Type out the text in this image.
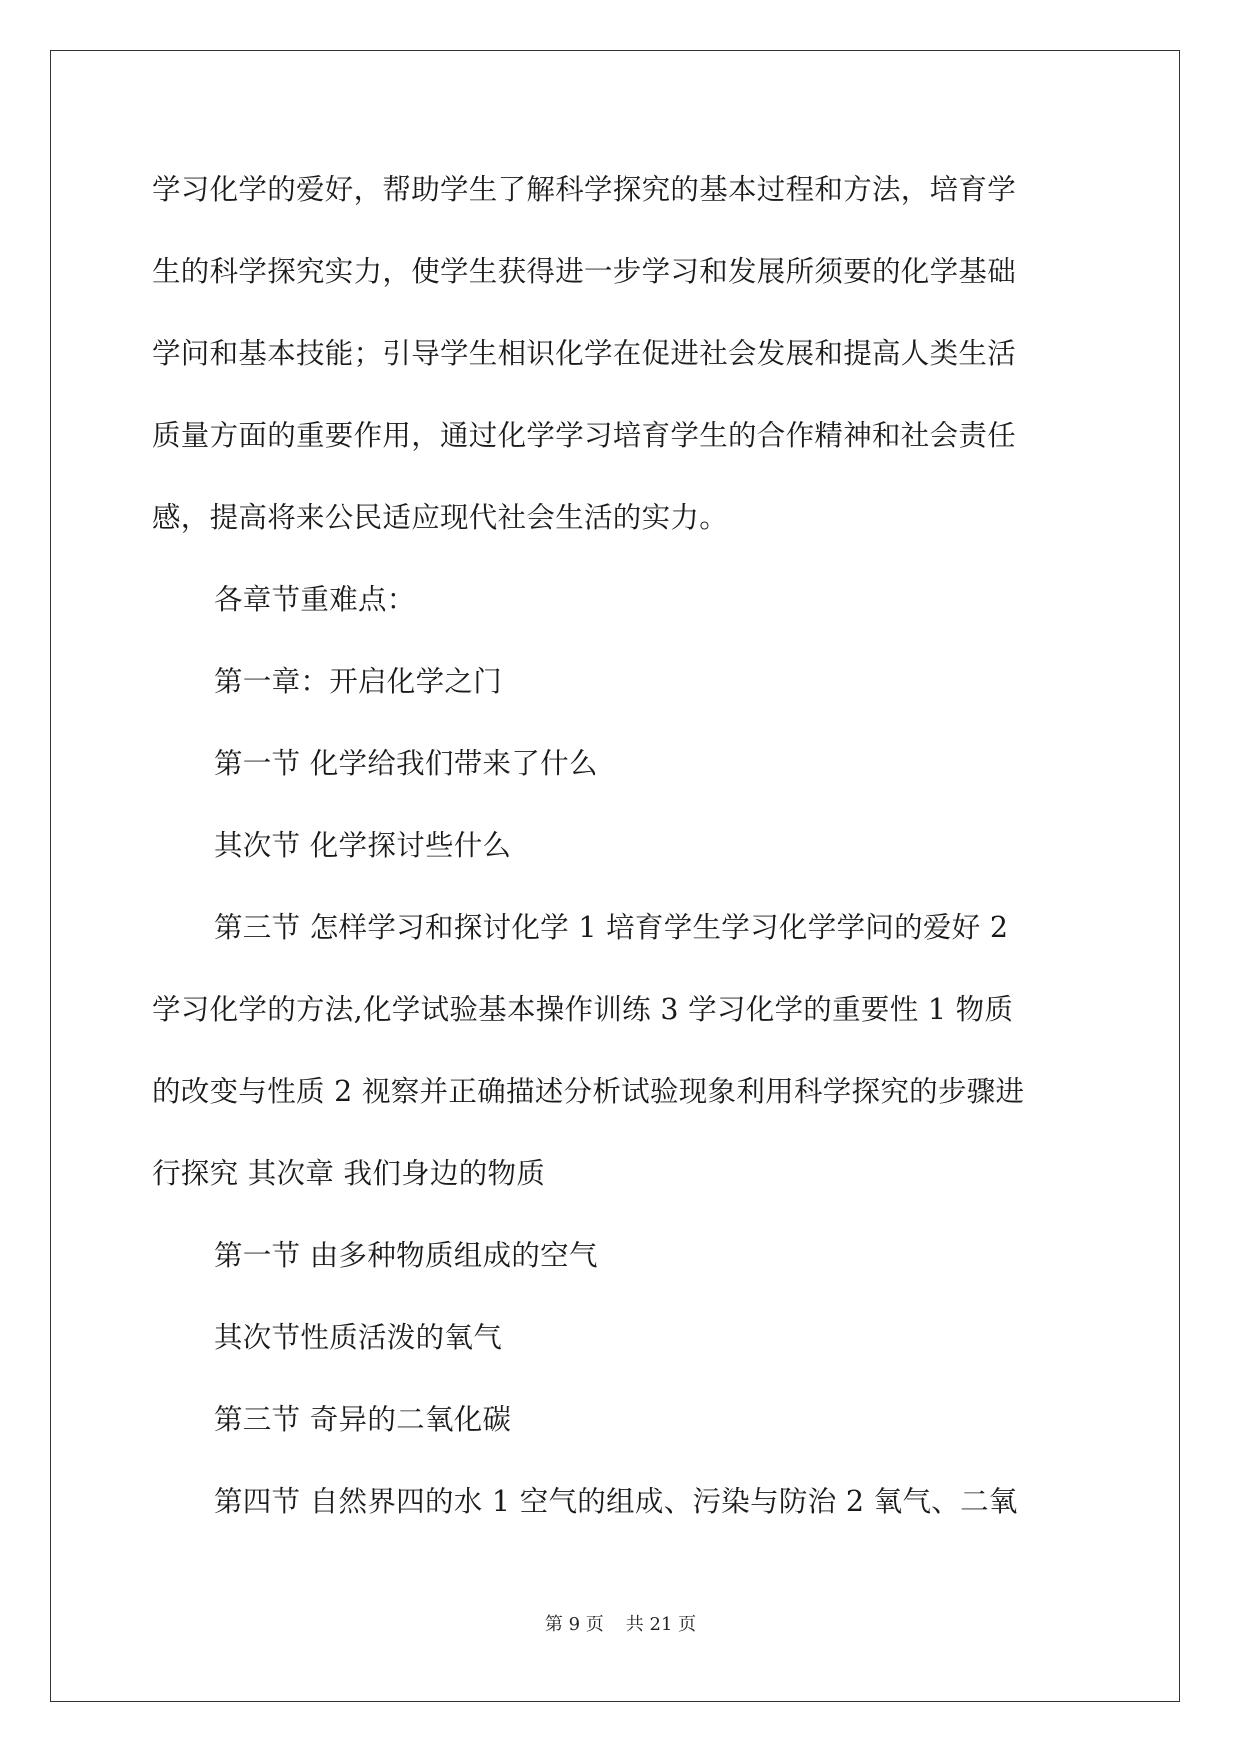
学习化学的爱好，帮助学生了解科学探究的基本过程和方法，培育学
生的科学探究实力，使学生获得进一步学习和发展所须要的化学基础
学问和基本技能；引导学生相识化学在促进社会发展和提高人类生活
质量方面的重要作用，通过化学学习培育学生的合作精神和社会责任
感，提高将来公民适应现代社会生活的实力。
各章节重难点：
第一章：开启化学之门
第一节 化学给我们带来了什么
其次节 化学探讨些什么
第三节 怎样学习和探讨化学 1 培育学生学习化学学问的爱好 2
学习化学的方法,化学试验基本操作训练 3 学习化学的重要性 1 物质
的改变与性质 2 视察并正确描述分析试验现象利用科学探究的步骤进
行探究 其次章 我们身边的物质
第一节 由多种物质组成的空气
其次节性质活泼的氧气
第三节 奇异的二氧化碳
第四节 自然界四的水 1 空气的组成、污染与防治 2 氧气、二氧
第 9 页 共 21 页
